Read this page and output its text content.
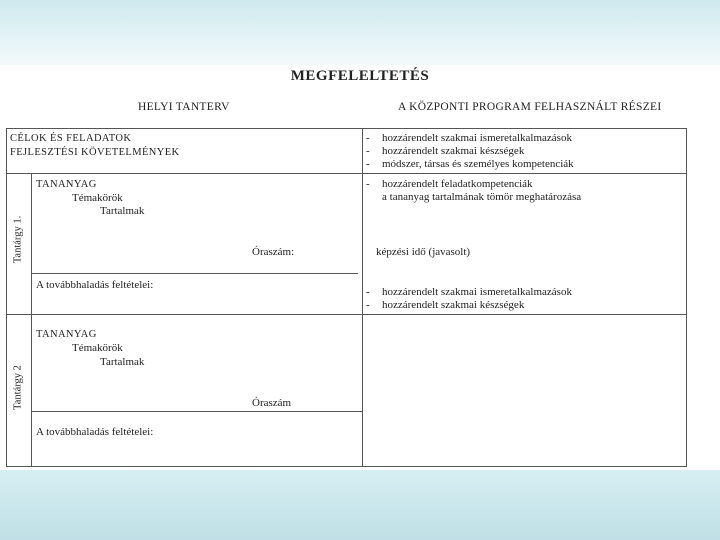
MEGFELELTETÉS
HELYI TANTERV	A KÖZPONTI PROGRAM FELHASZNÁLT RÉSZEI
CÉLOK ÉS FELADATOK
FEJLESZTÉSI KÖVETELMÉNYEK
- hozzárendelt szakmai ismeretalkalmazások
- hozzárendelt szakmai készségek
- módszer, társas és személyes kompetenciák
Tantárgy 1.
TANANYAG
Témakörök
Tartalmak
Óraszám:
A továbbhaladás feltételei:
- hozzárendelt feladatkompetenciák
a tananyag tartalmának tömör meghatározása
képzési idő (javasolt)
- hozzárendelt szakmai ismeretalkalmazások
- hozzárendelt szakmai készségek
Tantárgy 2
TANANYAG
Témakörök
Tartalmak
Óraszám
A továbbhaladás feltételei:
